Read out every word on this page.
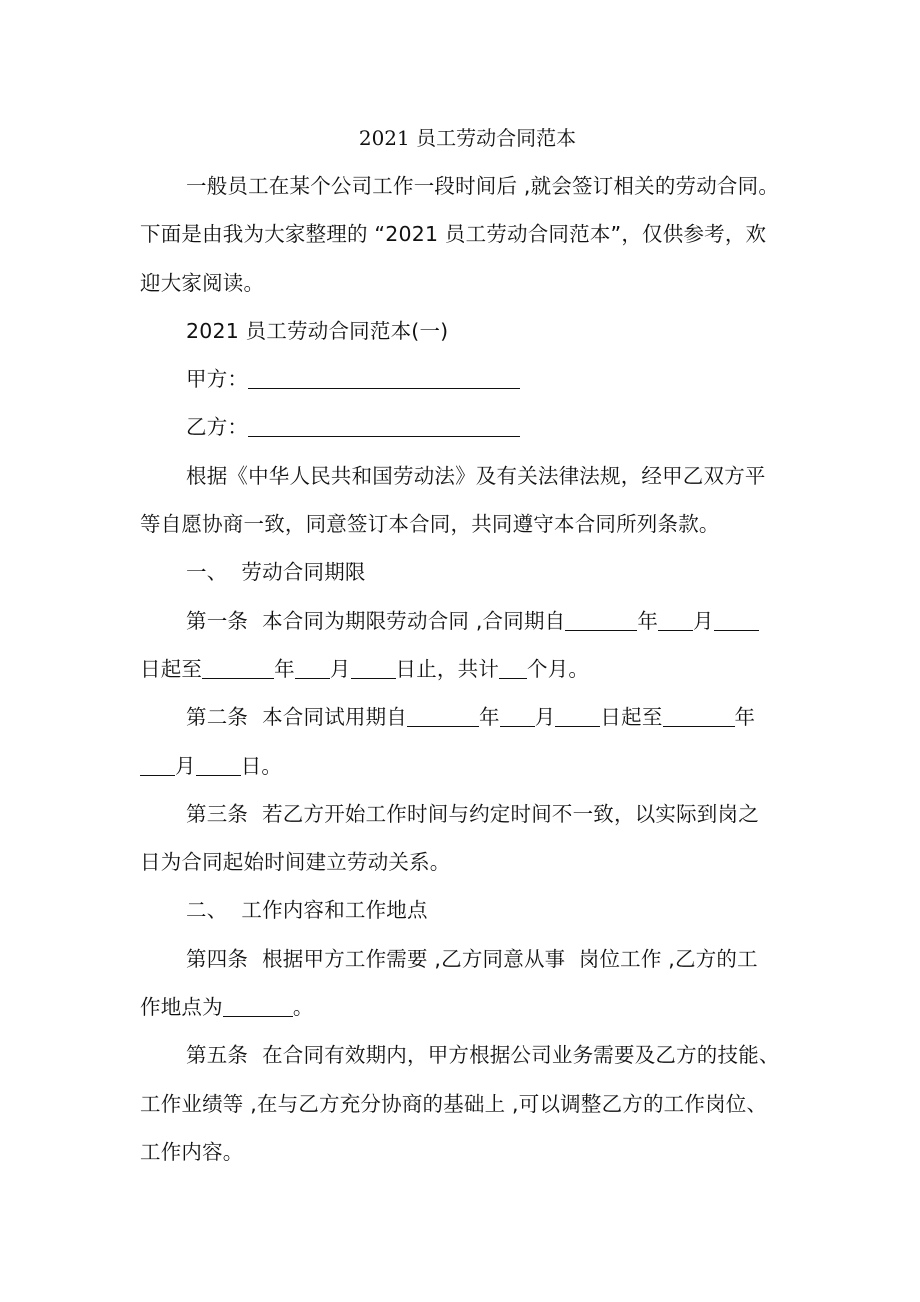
2021 员工劳动合同范本

一般员工在某个公司工作一段时间后 ,就会签订相关的劳动合同。

下面是由我为大家整理的 “2021 员工劳动合同范本”，仅供参考，欢

迎大家阅读。

2021 员工劳动合同范本(一)

甲方：

乙方：

根据《中华人民共和国劳动法》及有关法律法规，经甲乙双方平

等自愿协商一致，同意签订本合同，共同遵守本合同所列条款。

一、 劳动合同期限

第一条 本合同为期限劳动合同 ,合同期自	年 月

日起至	年 月 日止，共计 个月。

第二条 本合同试用期自	年 月 日起至	年

月 日。

第三条 若乙方开始工作时间与约定时间不一致，以实际到岗之

日为合同起始时间建立劳动关系。

二、 工作内容和工作地点

第四条 根据甲方工作需要 ,乙方同意从事  岗位工作 ,乙方的工

作地点为	。

第五条 在合同有效期内，甲方根据公司业务需要及乙方的技能、

工作业绩等 ,在与乙方充分协商的基础上 ,可以调整乙方的工作岗位、

工作内容。
